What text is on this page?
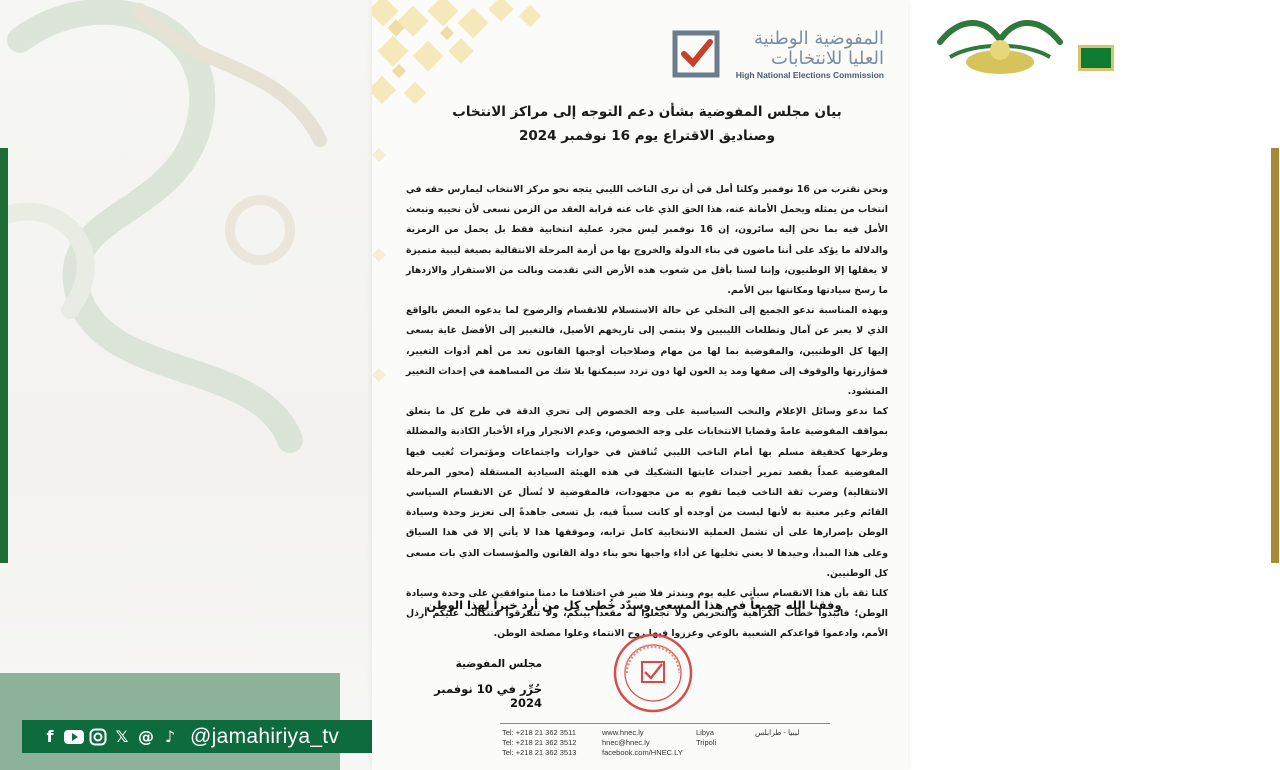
f	𝕏 @ ♪ @jamahiriya_tv
المفوضية الوطنية
العليا للانتخابات
High National Elections Commission
بيان مجلس المفوضية بشأن دعم التوجه إلى مراكز الانتخاب
وصناديق الاقتراع يوم 16 نوفمبر 2024

ونحن نقترب من 16 نوفمبر وكلنا أمل في أن نرى الناخب الليبي يتجه نحو مركز الانتخاب ليمارس حقه في انتخاب من يمثله ويحمل الأمانة عنه، هذا الحق الذي غاب عنه قرابة العقد من الزمن نسعى لأن نحييه ونبعث الأمل فيه بما نحن إليه سائرون، إن 16 نوفمبر ليس مجرد عملية انتخابية فقط بل يحمل من الرمزية والدلالة ما يؤكد على أننا ماضون في بناء الدولة والخروج بها من أزمة المرحلة الانتقالية بصيغة ليبية متميزة لا يعقلها إلا الوطنيون، وإننا لسنا بأقل من شعوب هذه الأرض التي تقدمت ونالت من الاستقرار والازدهار ما رسخ سيادتها ومكانتها بين الأمم.

وبهذه المناسبة ندعو الجميع إلى التخلي عن حالة الاستسلام للانقسام والرضوخ لما يدعوه البعض بالواقع الذي لا يعبر عن آمال وتطلعات الليبيين ولا ينتمي إلى تاريخهم الأصيل، فالتغيير إلى الأفضل غاية يسعى إليها كل الوطنيين، والمفوضية بما لها من مهام وصلاحيات أوجبها القانون تعد من أهم أدوات التغيير، فمؤازرتها والوقوف إلى صفها ومد يد العون لها دون تردد سيمكنها بلا شك من المساهمة في إحداث التغيير المنشود.

كما ندعو وسائل الإعلام والنخب السياسية على وجه الخصوص إلى تحري الدقة في طرح كل ما يتعلق بمواقف المفوضية عامةً وقضايا الانتخابات على وجه الخصوص، وعدم الانجرار وراء الأخبار الكاذبة والمضللة وطرحها كحقيقة مسلم بها أمام الناخب الليبي تُناقش في حوارات واجتماعات ومؤتمرات تُغيب فيها المفوضية عمداً بقصد تمرير أجندات غايتها التشكيك في هذه الهيئة السيادية المستقلة (محور المرحلة الانتقالية) وضرب ثقة الناخب فيما تقوم به من مجهودات، فالمفوضية لا تُسأل عن الانقسام السياسي القائم وغير معنية به لأنها ليست من أوجده أو كانت سبباً فيه، بل تسعى جاهدةً إلى تعزيز وحدة وسيادة الوطن بإصرارها على أن تشمل العملية الانتخابية كامل ترابه، وموقفها هذا لا يأتي إلا في هذا السياق وعلى هذا المبدأ، وحيدها لا يعني تخليها عن أداء واجبها نحو بناء دولة القانون والمؤسسات الذي بات مسعى كل الوطنيين.

كلنا ثقة بأن هذا الانقسام سيأتي عليه يوم ويندثر فلا ضير في اختلافنا ما دمنا متوافقين على وحدة وسيادة الوطن؛ فانبذوا خطاب الكراهية والتحريض ولا تجعلوا له مقعداً بينكم، ولا تتفرقوا فتتكالب عليكم أرذل الأمم، وادعموا قواعدكم الشعبية بالوعي وعززوا فيها روح الانتماء وعلوا مصلحة الوطن.

وفقنا الله جميعاً في هذا المسعى وسدّد خُطى كل من أرد خيراً لهذا الوطن
مجلس المفوضية
حُرِّر في 10 نوفمبر 2024
Tel: +218 21 362 3511
Tel: +218 21 362 3512
Tel: +218 21 362 3513
www.hnec.ly
hnec@hnec.ly
facebook.com/HNEC.LY
Libya
Tripoli
ليبيا - طرابلس
